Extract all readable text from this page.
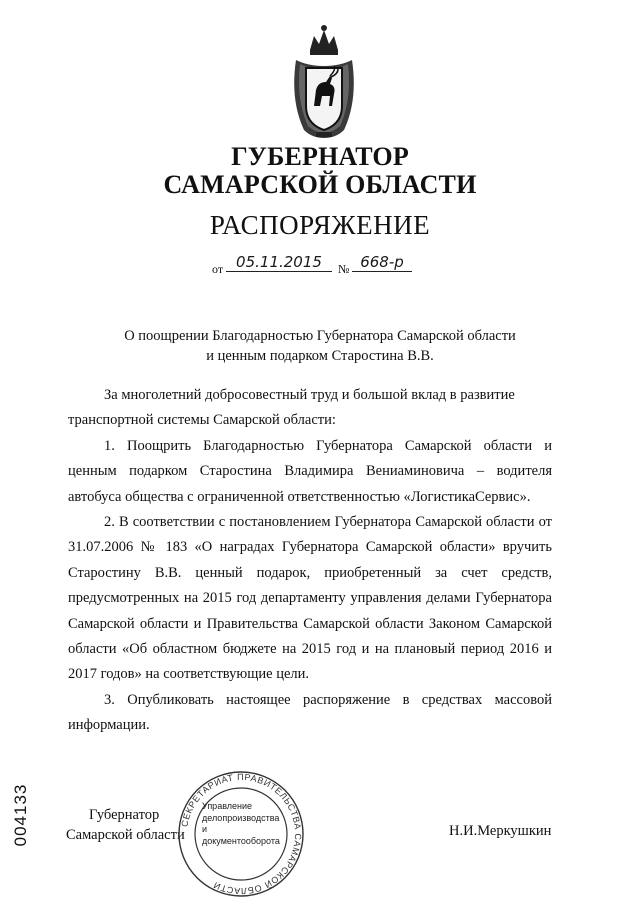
ГУБЕРНАТОР
САМАРСКОЙ ОБЛАСТИ
РАСПОРЯЖЕНИЕ
от 05.11.2015	№ 668-р
О поощрении Благодарностью Губернатора Самарской области
и ценным подарком Старостина В.В.

За многолетний добросовестный труд и большой вклад в развитие

транспортной системы Самарской области:

1. Поощрить Благодарностью Губернатора Самарской области и ценным подарком Старостина Владимира Вениаминовича – водителя автобуса общества с ограниченной ответственностью «ЛогистикаСервис».

2. В соответствии с постановлением Губернатора Самарской области от 31.07.2006 № 183 «О наградах Губернатора Самарской области» вручить Старостину В.В. ценный подарок, приобретенный за счет средств, предусмотренных на 2015 год департаменту управления делами Губернатора Самарской области и Правительства Самарской области Законом Самарской области «Об областном бюджете на 2015 год и на плановый период 2016 и 2017 годов» на соответствующие цели.

3. Опубликовать настоящее распоряжение в средствах массовой информации.

004133	Губернатор
Самарской области
СЕКРЕТАРИАТ ПРАВИТЕЛЬСТВА САМАРСКОЙ ОБЛАСТИ
Управление
делопроизводства
и документооборота
Н.И.Меркушкин
